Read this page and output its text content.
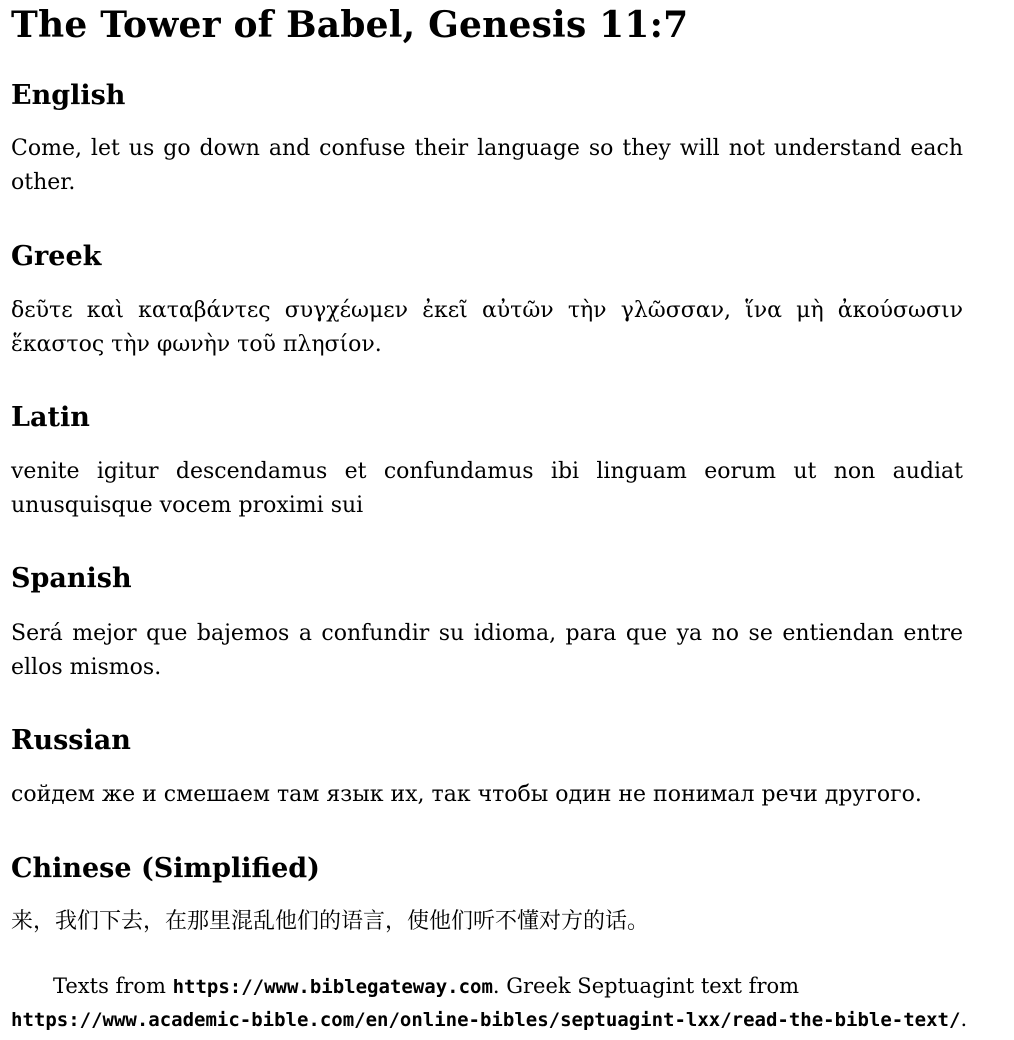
The Tower of Babel, Genesis 11:7
English

Come, let us go down and confuse their language so they will not understand each other.

Greek

δεῦτε καὶ καταβάντες συγχέωμεν ἐκεῖ αὐτῶν τὴν γλῶσσαν, ἵνα μὴ ἀκούσωσιν ἕκαστος τὴν φωνὴν τοῦ πλησίον.

Latin

venite igitur descendamus et confundamus ibi linguam eorum ut non audiat unusquisque vocem proximi sui

Spanish

Será mejor que bajemos a confundir su idioma, para que ya no se entiendan entre ellos mismos.

Russian

сойдем же и смешаем там язык их, так чтобы один не понимал речи другого.

Chinese (Simplified)

来，我们下去，在那里混乱他们的语言，使他们听不懂对方的话。

Texts from https://www.biblegateway.com. Greek Septuagint text from https://www.academic-bible.com/en/online-bibles/septuagint-lxx/read-the-bible-text/.
